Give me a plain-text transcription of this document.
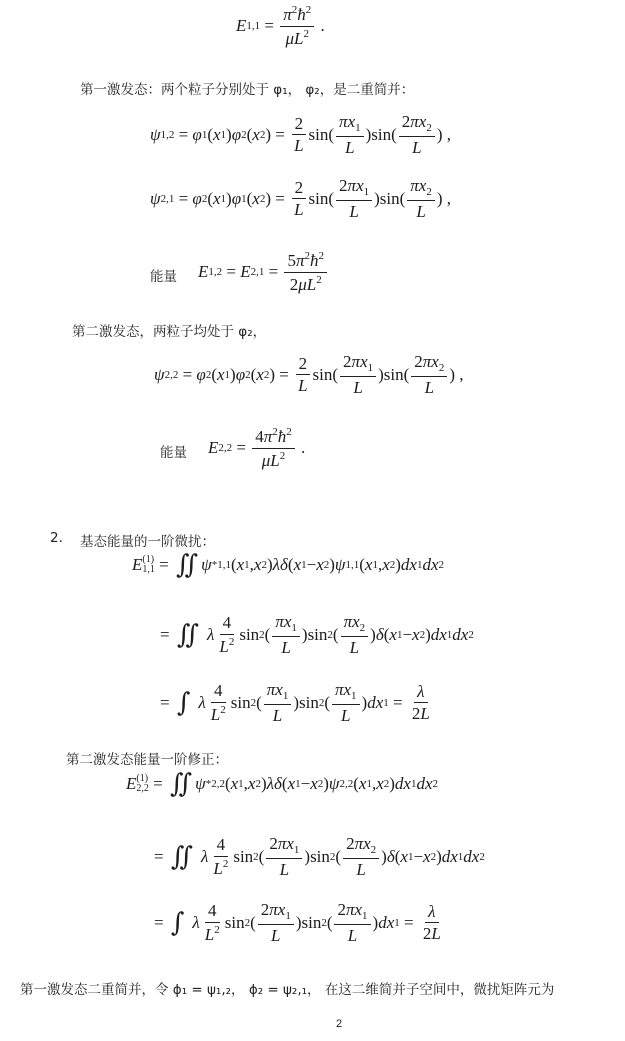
E $1,1 = \frac{\pi^2ħ^2}{\mu L^2}$ .
第一激发态：两个粒子分别处于 φ₁， φ₂，是二重简并：
ψ 1,2 = φ 1 ( x 1 ) φ 2 ( x 2 ) = $\frac{2}{L} \sin( \frac{\pi x_1}{L} )\sin( \frac{2\pi x_2}{L}$ ) ,
ψ 2,1 = φ 2 ( x 1 ) φ 1 ( x 2 ) = $\frac{2}{L} \sin( \frac{2\pi x_1}{L} )\sin( \frac{\pi x_2}{L}$ ) ,
能量 E 1,2 = E $2,1 = \frac{5\pi^2ħ^2}{2\mu L^2}$
第二激发态，两粒子均处于 φ₂，
ψ 2,2 = φ 2 ( x 1 ) φ 2 ( x 2 ) = $\frac{2}{L} \sin( \frac{2\pi x_1}{L} )\sin( \frac{2\pi x_2}{L}$ ) ,
能量 E $2,2 = \frac{4\pi^2ħ^2}{\mu L^2}$ .
2. 基态能量的一阶微扰：
E (1)
1,1 = ∬ ψ * 1,1 ( x 1 , x 2 ) λδ ( x 1 − x 2 ) ψ 1,1 ( x 1 , x 2 ) dx 1 dx 2
= ∬ λ $\frac{4}{L^2}$ sin 2 ( $\frac{\pi x_1}{L} )\sin$ 2 ( $\frac{\pi x_2}{L}$ ) δ ( x 1 − x 2 ) dx 1 dx 2
= ∫ λ $\frac{4}{L^2}$ sin 2 ( $\frac{\pi x_1}{L} )\sin$ 2 ( $\frac{\pi x_1}{L}$ ) dx $1 = \frac{\lambda}{2L}$
第二激发态能量一阶修正：
E (1)
2,2 = ∬ ψ * 2,2 ( x 1 , x 2 ) λδ ( x 1 − x 2 ) ψ 2,2 ( x 1 , x 2 ) dx 1 dx 2
= ∬ λ $\frac{4}{L^2}$ sin 2 ( $\frac{2\pi x_1}{L} )\sin$ 2 ( $\frac{2\pi x_2}{L}$ ) δ ( x 1 − x 2 ) dx 1 dx 2
= ∫ λ $\frac{4}{L^2}$ sin 2 ( $\frac{2\pi x_1}{L} )\sin$ 2 ( $\frac{2\pi x_1}{L}$ ) dx $1 = \frac{\lambda}{2L}$
第一激发态二重简并，令 ϕ₁ = ψ₁,₂， ϕ₂ = ψ₂,₁， 在这二维简并子空间中，微扰矩阵元为
2
